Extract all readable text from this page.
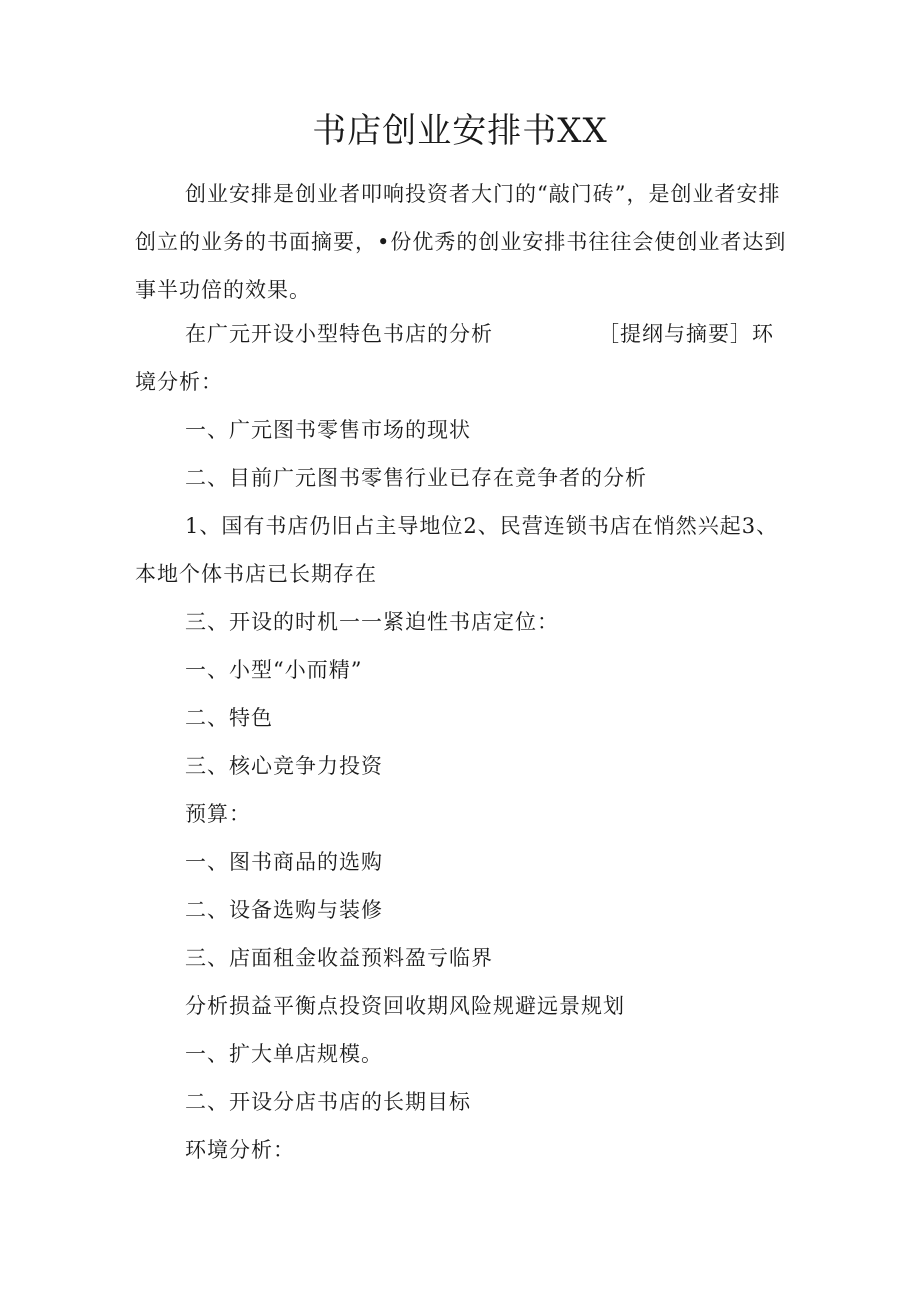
书店创业安排书XX

创业安排是创业者叩响投资者大门的“敲门砖”，是创业者安排创立的业务的书面摘要，•份优秀的创业安排书往往会使创业者达到事半功倍的效果。

在广元开设小型特色书店的分析	［提纲与摘要］环
境分析：
一、广元图书零售市场的现状
二、目前广元图书零售行业已存在竞争者的分析
1、国有书店仍旧占主导地位2、民营连锁书店在悄然兴起3、
本地个体书店已长期存在
三、开设的时机一一紧迫性书店定位：
一、小型“小而精”
二、特色
三、核心竞争力投资
预算：
一、图书商品的选购
二、设备选购与装修
三、店面租金收益预料盈亏临界
分析损益平衡点投资回收期风险规避远景规划
一、扩大单店规模。
二、开设分店书店的长期目标
环境分析：
